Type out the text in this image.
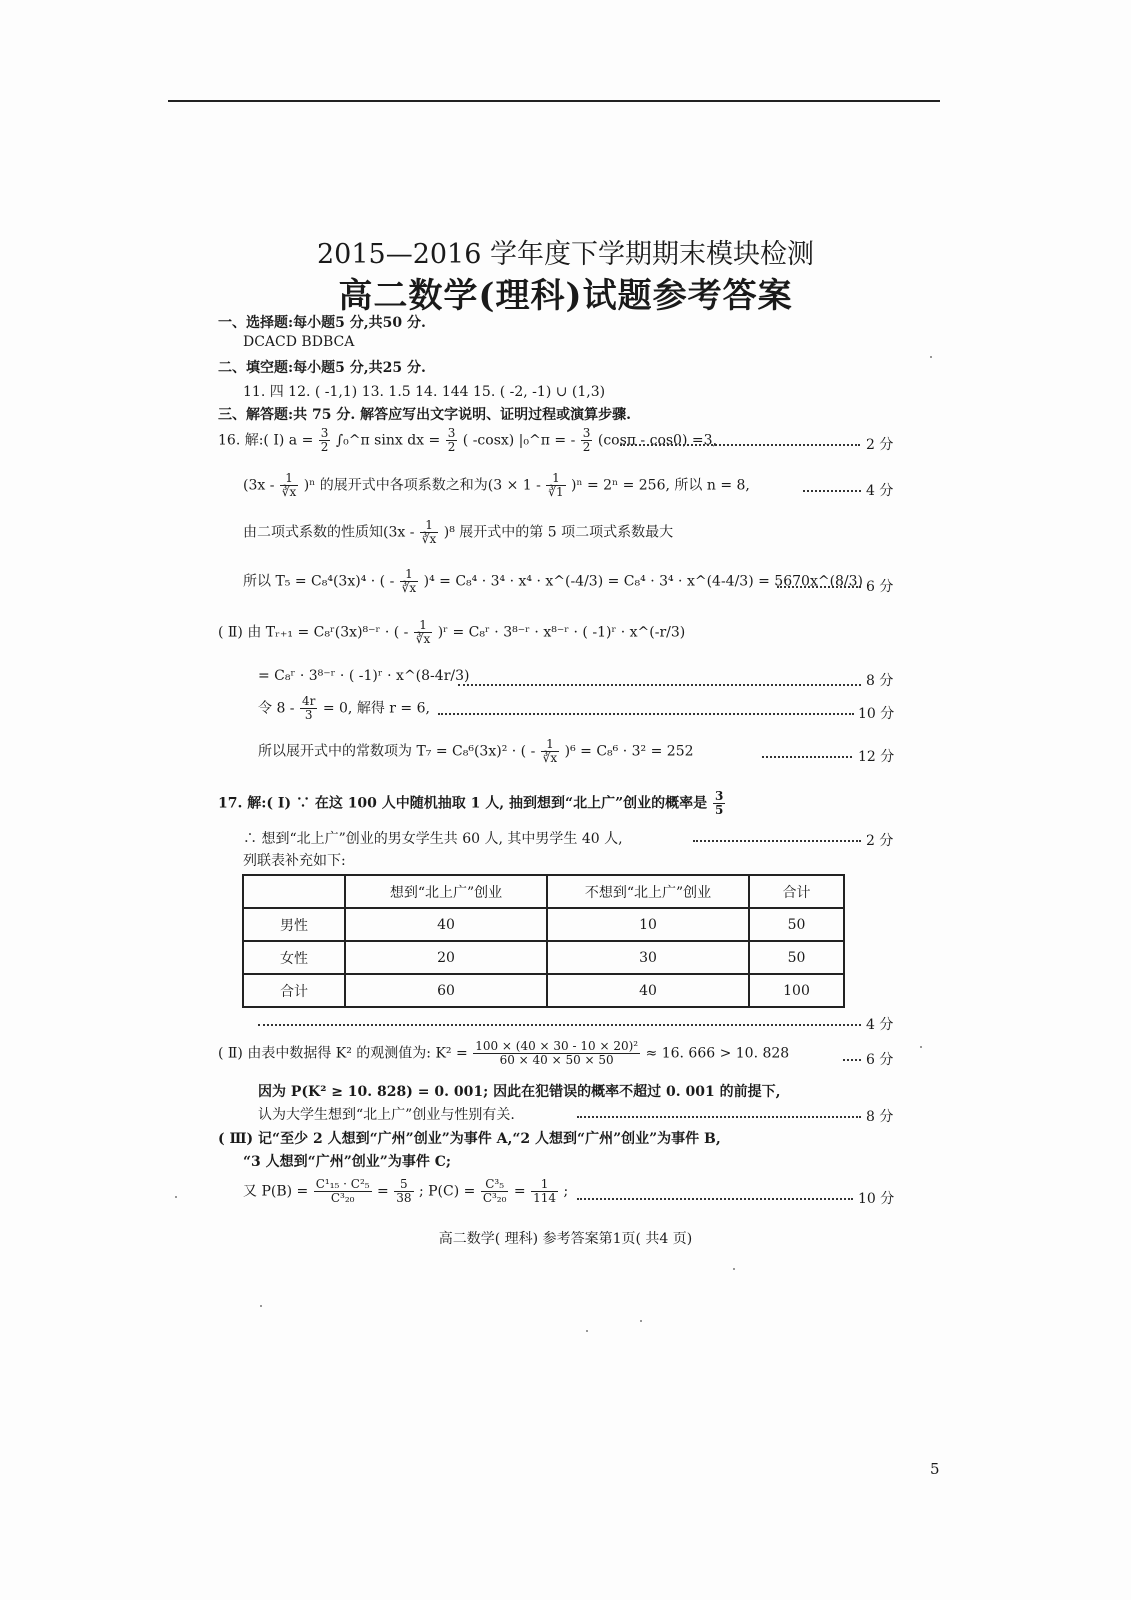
2015—2016 学年度下学期期末模块检测
高二数学(理科)试题参考答案
一、选择题:每小题5 分,共50 分.
DCACD BDBCA
二、填空题:每小题5 分,共25 分.
11. 四 12. ( -1,1) 13. 1.5 14. 144 15. ( -2, -1) ∪ (1,3)
三、解答题:共 75 分. 解答应写出文字说明、证明过程或演算步骤.
16. 解:( Ⅰ) $a = \frac{3}{2}$ ∫₀^π sinx dx = $\frac{3}{2}$ ( -cosx) |₀^π = - $\frac{3}{2} (\cos\pi - \cos 0) =3$,	2 分
$(3x - \frac{1}{∛x} )^n$ 的展开式中各项系数之和为$(3 \times 1 - \frac{1}{∛1} )^n = 2^n = 256$, 所以 n = 8,	4 分
由二项式系数的性质知$(3x - \frac{1}{∛x} )^8$ 展开式中的第 5 项二项式系数最大
所以 T₅ = C₈⁴(3x)⁴ · ( - $\frac{1}{∛x} )^4 = C_8^4 \cdot 3^4 \cdot x^4$ · x^(-4/3) = C₈⁴ · 3⁴ · x^(4-4/3) = 5670x^(8/3) 6 分
( Ⅱ) 由 Tᵣ₊₁ = C₈ʳ(3x)⁸⁻ʳ · ( - $\frac{1}{∛x}$ )ʳ = C₈ʳ · 3⁸⁻ʳ · x⁸⁻ʳ · ( -1)ʳ · x^(-r/3)
= C₈ʳ · 3⁸⁻ʳ · ( -1)ʳ · x^(8-4r/3)	8 分
令 $8 - \frac{4r}{3} = 0$, 解得 r = 6,	10 分
所以展开式中的常数项为 T₇ = C₈⁶(3x)² · ( - $\frac{1}{∛x} )^6 = C_8^6 \cdot 3^2 = 252$	12 分
17. 解:( Ⅰ) ∵ 在这 100 人中随机抽取 1 人, 抽到想到“北上广”创业的概率是 $\frac{3}{5}$
∴ 想到“北上广”创业的男女学生共 60 人, 其中男学生 40 人,	2 分
列联表补充如下:
	想到“北上广”创业	不想到“北上广”创业	合计
男性	40	10	50
女性	20	30	50
合计	60	40	100
4 分
( Ⅱ) 由表中数据得 K² 的观测值为: $K^2 = \frac{\text{100 × (40 × 30 - 10 × 20)²}}{60 \times 40 \times 50 \times 50} \approx 16$. 666 > 10. 828	6 分
因为 P(K² ≥ 10. 828) = 0. 001; 因此在犯错误的概率不超过 0. 001 的前提下,
认为大学生想到“北上广”创业与性别有关.	8 分
( Ⅲ) 记“至少 2 人想到“广州”创业”为事件 A,“2 人想到“广州”创业”为事件 B,
“3 人想到“广州”创业”为事件 C;
又 $P(B) = \frac{\text{C¹₁₅ · C²₅}}{\text{C³₂₀}} = \frac{5}{38}$ ; $P(C) = \frac{\text{C³₅}}{\text{C³₂₀}} = \frac{1}{114}$ ;	10 分
高二数学( 理科) 参考答案第1页( 共4 页)
5
